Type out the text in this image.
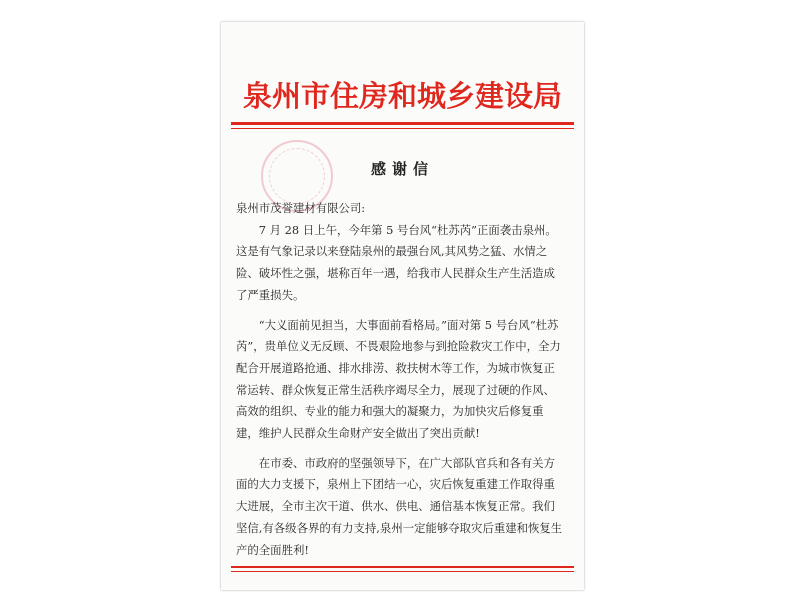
泉州市住房和城乡建设局
感谢信

泉州市茂誉建材有限公司:

7 月 28 日上午，今年第 5 号台风“杜苏芮”正面袭击泉州。这是有气象记录以来登陆泉州的最强台风,其风势之猛、水情之险、破坏性之强，堪称百年一遇，给我市人民群众生产生活造成了严重损失。

“大义面前见担当，大事面前看格局。”面对第 5 号台风“杜苏芮”，贵单位义无反顾、不畏艰险地参与到抢险救灾工作中，全力配合开展道路抢通、排水排涝、救扶树木等工作，为城市恢复正常运转、群众恢复正常生活秩序竭尽全力，展现了过硬的作风、高效的组织、专业的能力和强大的凝聚力，为加快灾后修复重建，维护人民群众生命财产安全做出了突出贡献!

在市委、市政府的坚强领导下，在广大部队官兵和各有关方面的大力支援下，泉州上下团结一心，灾后恢复重建工作取得重大进展，全市主次干道、供水、供电、通信基本恢复正常。我们坚信,有各级各界的有力支持,泉州一定能够夺取灾后重建和恢复生产的全面胜利!
